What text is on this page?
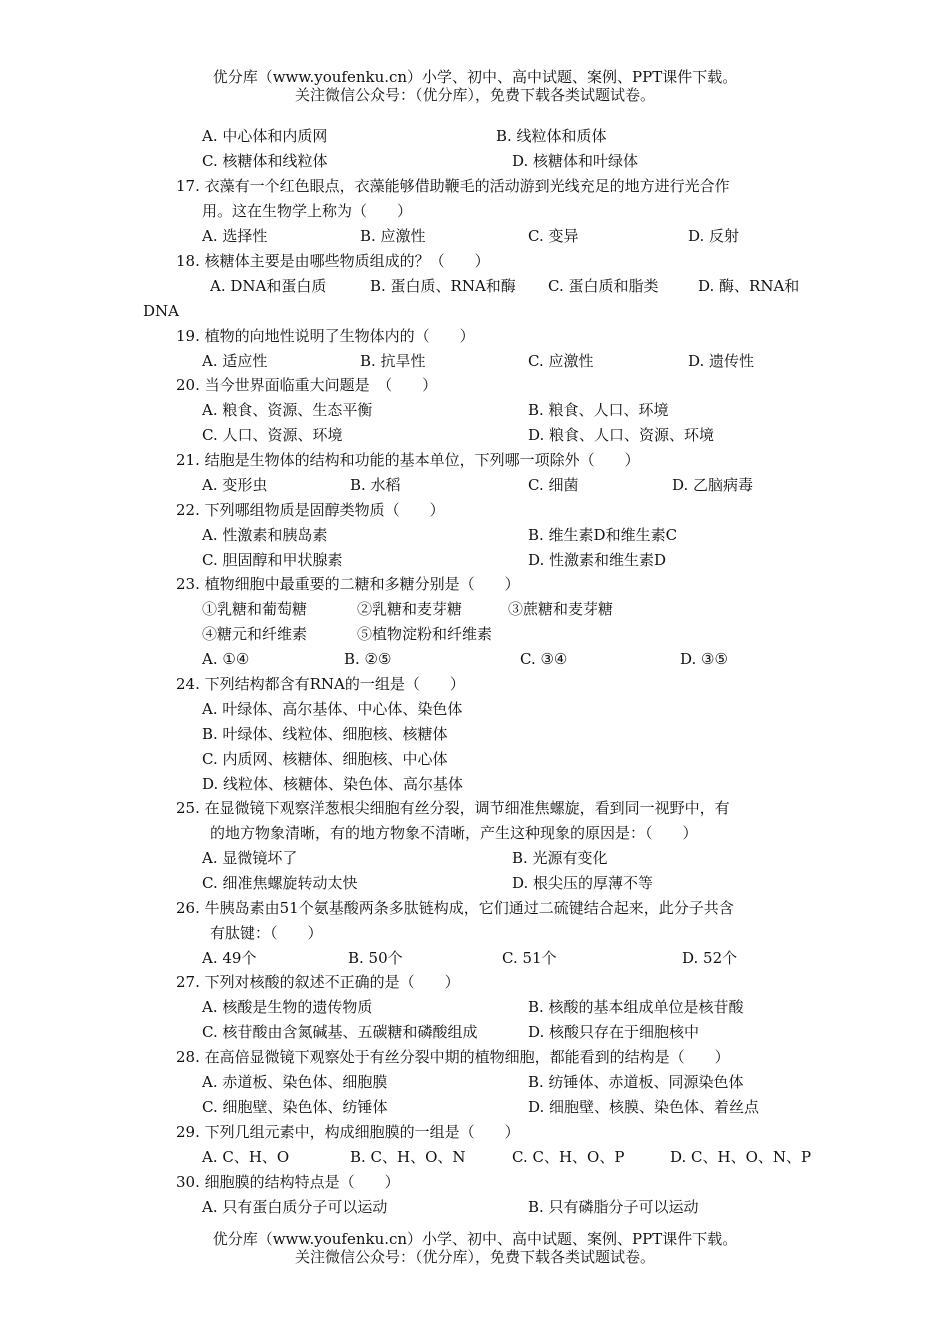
优分库（www.youfenku.cn）小学、初中、高中试题、案例、PPT课件下载。
关注微信公众号：（优分库），免费下载各类试题试卷。
A. 中心体和内质网	B. 线粒体和质体
C. 核糖体和线粒体	D. 核糖体和叶绿体
17. 衣藻有一个红色眼点，衣藻能够借助鞭毛的活动游到光线充足的地方进行光合作
用。这在生物学上称为（　　）
A. 选择性	B. 应激性	C. 变异	D. 反射
18. 核糖体主要是由哪些物质组成的？（　　）
A. DNA和蛋白质	B. 蛋白质、RNA和酶 C. 蛋白质和脂类	D. 酶、RNA和
DNA
19. 植物的向地性说明了生物体内的（　　）
A. 适应性	B. 抗旱性	C. 应激性	D. 遗传性
20. 当今世界面临重大问题是　（　　）
A. 粮食、资源、生态平衡	B. 粮食、人口、环境
C. 人口、资源、环境	D. 粮食、人口、资源、环境
21. 结胞是生物体的结构和功能的基本单位，下列哪一项除外（　　）
A. 变形虫	B. 水稻	C. 细菌	D. 乙脑病毒
22. 下列哪组物质是固醇类物质（　　）
A. 性激素和胰岛素	B. 维生素D和维生素C
C. 胆固醇和甲状腺素	D. 性激素和维生素D
23. 植物细胞中最重要的二糖和多糖分别是（　　）
①乳糖和葡萄糖	②乳糖和麦芽糖	③蔗糖和麦芽糖
④糖元和纤维素	⑤植物淀粉和纤维素
A. ①④	B. ②⑤	C. ③④	D. ③⑤
24. 下列结构都含有RNA的一组是（　　）
A. 叶绿体、高尔基体、中心体、染色体
B. 叶绿体、线粒体、细胞核、核糖体
C. 内质网、核糖体、细胞核、中心体
D. 线粒体、核糖体、染色体、高尔基体
25. 在显微镜下观察洋葱根尖细胞有丝分裂，调节细准焦螺旋，看到同一视野中，有
的地方物象清晰，有的地方物象不清晰，产生这种现象的原因是：（　　）
A. 显微镜坏了	B. 光源有变化
C. 细准焦螺旋转动太快	D. 根尖压的厚薄不等
26. 牛胰岛素由51个氨基酸两条多肽链构成，它们通过二硫键结合起来，此分子共含
有肽键：（　　）
A. 49个	B. 50个	C. 51个	D. 52个
27. 下列对核酸的叙述不正确的是（　　）
A. 核酸是生物的遗传物质	B. 核酸的基本组成单位是核苷酸
C. 核苷酸由含氮碱基、五碳糖和磷酸组成	D. 核酸只存在于细胞核中
28. 在高倍显微镜下观察处于有丝分裂中期的植物细胞，都能看到的结构是（　　）
A. 赤道板、染色体、细胞膜	B. 纺锤体、赤道板、同源染色体
C. 细胞壁、染色体、纺锤体	D. 细胞壁、核膜、染色体、着丝点
29. 下列几组元素中，构成细胞膜的一组是（　　）
A. C、H、O	B. C、H、O、N	C. C、H、O、P	D. C、H、O、N、P
30. 细胞膜的结构特点是（　　）
A. 只有蛋白质分子可以运动	B. 只有磷脂分子可以运动
优分库（www.youfenku.cn）小学、初中、高中试题、案例、PPT课件下载。
关注微信公众号：（优分库），免费下载各类试题试卷。
